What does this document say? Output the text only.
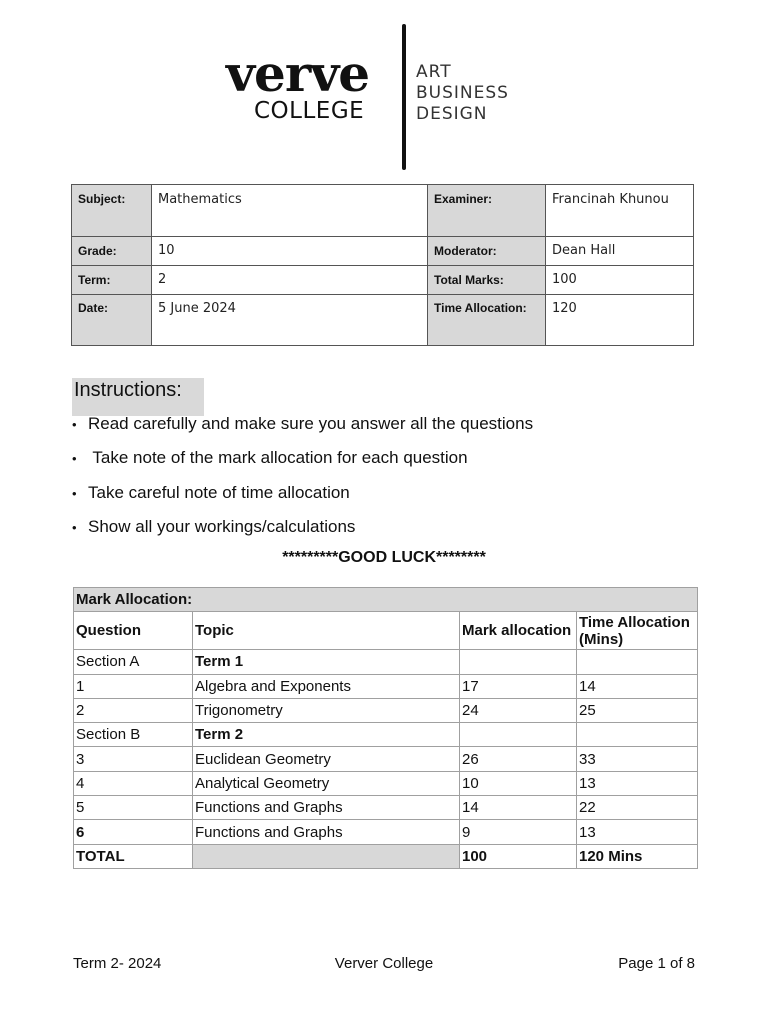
verve
COLLEGE
ART
BUSINESS
DESIGN
Subject:	Mathematics	Examiner:	Francinah Khunou
Grade:	10	Moderator:	Dean Hall
Term:	2	Total Marks:	100
Date:	5 June 2024	Time Allocation:	120
Instructions:
• Read carefully and make sure you answer all the questions
• Take note of the mark allocation for each question
• Take careful note of time allocation
• Show all your workings/calculations
*********GOOD LUCK********
Mark Allocation:			
Question	Topic	Mark allocation	Time Allocation (Mins)
Section A	Term 1		
1	Algebra and Exponents	17	14
2	Trigonometry	24	25
Section B	Term 2		
3	Euclidean Geometry	26	33
4	Analytical Geometry	10	13
5	Functions and Graphs	14	22
6	Functions and Graphs	9	13
TOTAL		100	120 Mins
Term 2- 2024	Verver College	Page 1 of 8
